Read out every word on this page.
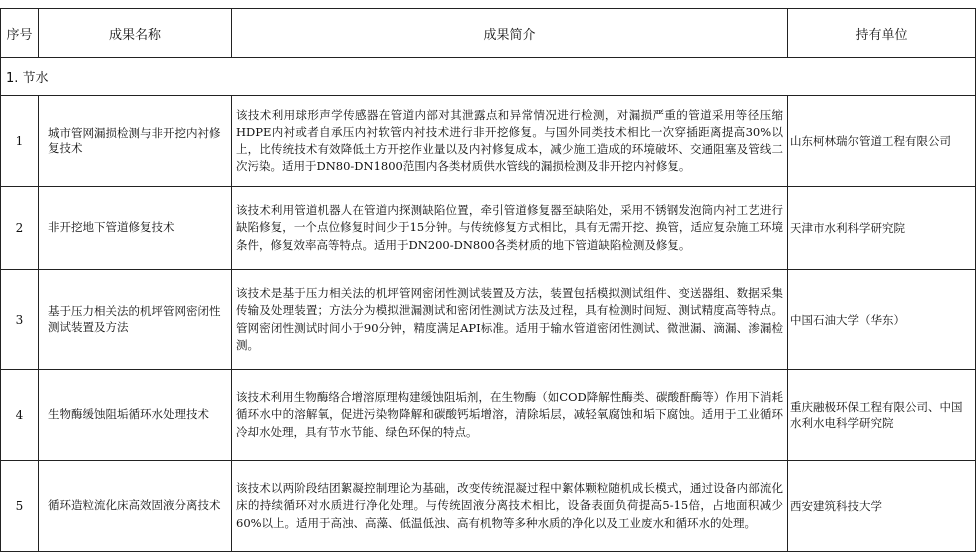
序号	成果名称	成果简介	持有单位
1. 节水			
1	城市管网漏损检测与非开挖内衬修复技术	该技术利用球形声学传感器在管道内部对其泄露点和异常情况进行检测，对漏损严重的管道采用等径压缩HDPE内衬或者自承压内衬软管内衬技术进行非开挖修复。与国外同类技术相比一次穿插距离提高30%以上，比传统技术有效降低土方开挖作业量以及内衬修复成本，减少施工造成的环境破坏、交通阻塞及管线二次污染。适用于DN80-DN1800范围内各类材质供水管线的漏损检测及非开挖内衬修复。	山东柯林瑞尔管道工程有限公司
2	非开挖地下管道修复技术	该技术利用管道机器人在管道内探测缺陷位置，牵引管道修复器至缺陷处，采用不锈钢发泡筒内衬工艺进行缺陷修复，一个点位修复时间少于15分钟。与传统修复方式相比，具有无需开挖、换管，适应复杂施工环境条件，修复效率高等特点。适用于DN200-DN800各类材质的地下管道缺陷检测及修复。	天津市水利科学研究院
3	基于压力相关法的机坪管网密闭性测试装置及方法	该技术是基于压力相关法的机坪管网密闭性测试装置及方法，装置包括模拟测试组件、变送器组、数据采集传输及处理装置；方法分为模拟泄漏测试和密闭性测试方法及过程，具有检测时间短、测试精度高等特点。管网密闭性测试时间小于90分钟，精度满足API标准。适用于输水管道密闭性测试、微泄漏、滴漏、渗漏检测。	中国石油大学（华东）
4	生物酶缓蚀阻垢循环水处理技术	该技术利用生物酶络合增溶原理构建缓蚀阻垢剂，在生物酶（如COD降解性酶类、碳酸酐酶等）作用下消耗循环水中的溶解氧，促进污染物降解和碳酸钙垢增溶，清除垢层，减轻氧腐蚀和垢下腐蚀。适用于工业循环冷却水处理，具有节水节能、绿色环保的特点。	重庆融极环保工程有限公司、中国水利水电科学研究院
5	循环造粒流化床高效固液分离技术	该技术以两阶段结团絮凝控制理论为基础，改变传统混凝过程中絮体颗粒随机成长模式，通过设备内部流化床的持续循环对水质进行净化处理。与传统固液分离技术相比，设备表面负荷提高5-15倍，占地面积减少60%以上。适用于高浊、高藻、低温低浊、高有机物等多种水质的净化以及工业废水和循环水的处理。	西安建筑科技大学
